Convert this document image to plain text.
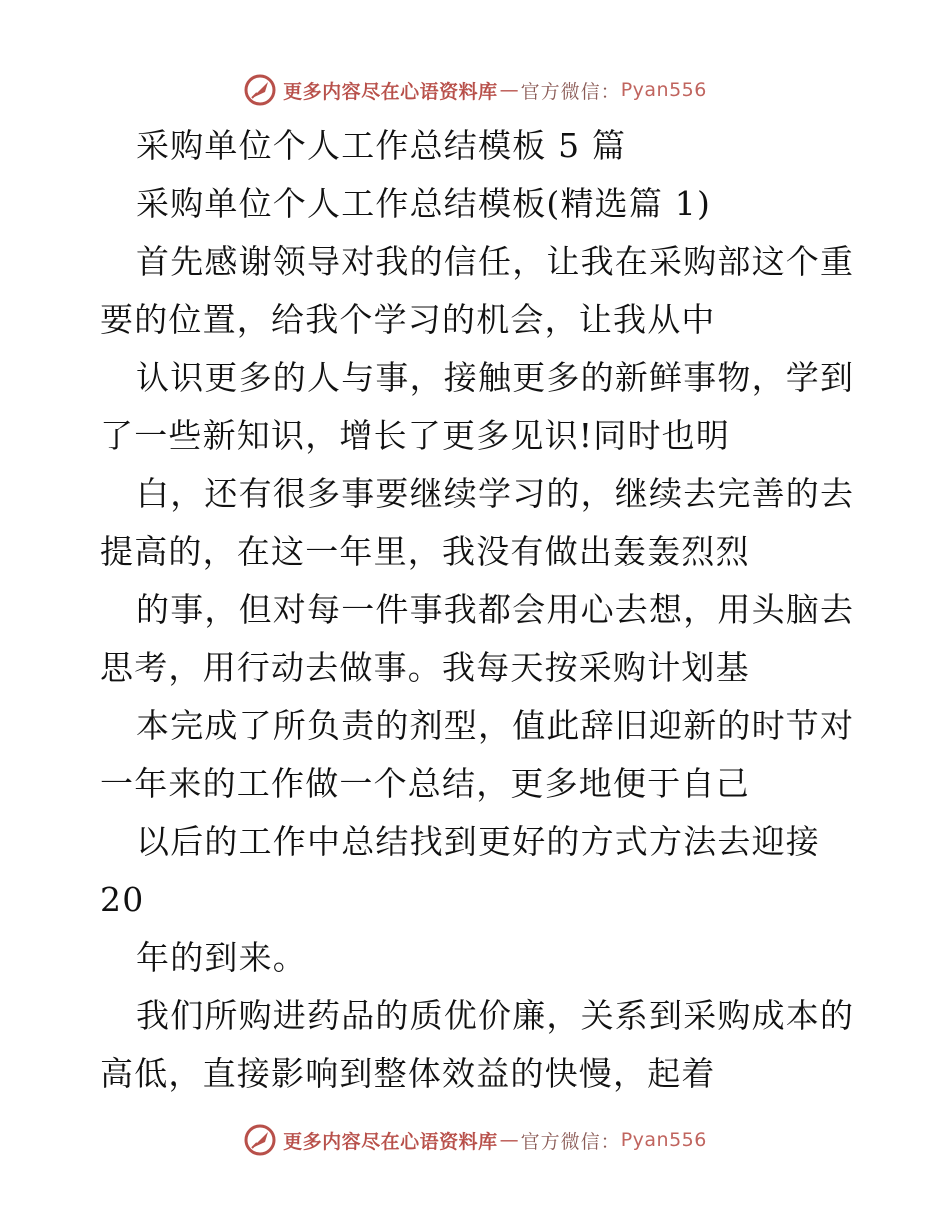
更多内容尽在心语资料库 — 官方微信： Pyan556
采购单位个人工作总结模板 5 篇
采购单位个人工作总结模板(精选篇 1)
首先感谢领导对我的信任，让我在采购部这个重
要的位置，给我个学习的机会，让我从中
认识更多的人与事，接触更多的新鲜事物，学到
了一些新知识，增长了更多见识!同时也明
白，还有很多事要继续学习的，继续去完善的去
提高的，在这一年里，我没有做出轰轰烈烈
的事，但对每一件事我都会用心去想，用头脑去
思考，用行动去做事。我每天按采购计划基
本完成了所负责的剂型，值此辞旧迎新的时节对
一年来的工作做一个总结，更多地便于自己
以后的工作中总结找到更好的方式方法去迎接
20
年的到来。
我们所购进药品的质优价廉，关系到采购成本的
高低，直接影响到整体效益的快慢，起着
更多内容尽在心语资料库 — 官方微信： Pyan556
